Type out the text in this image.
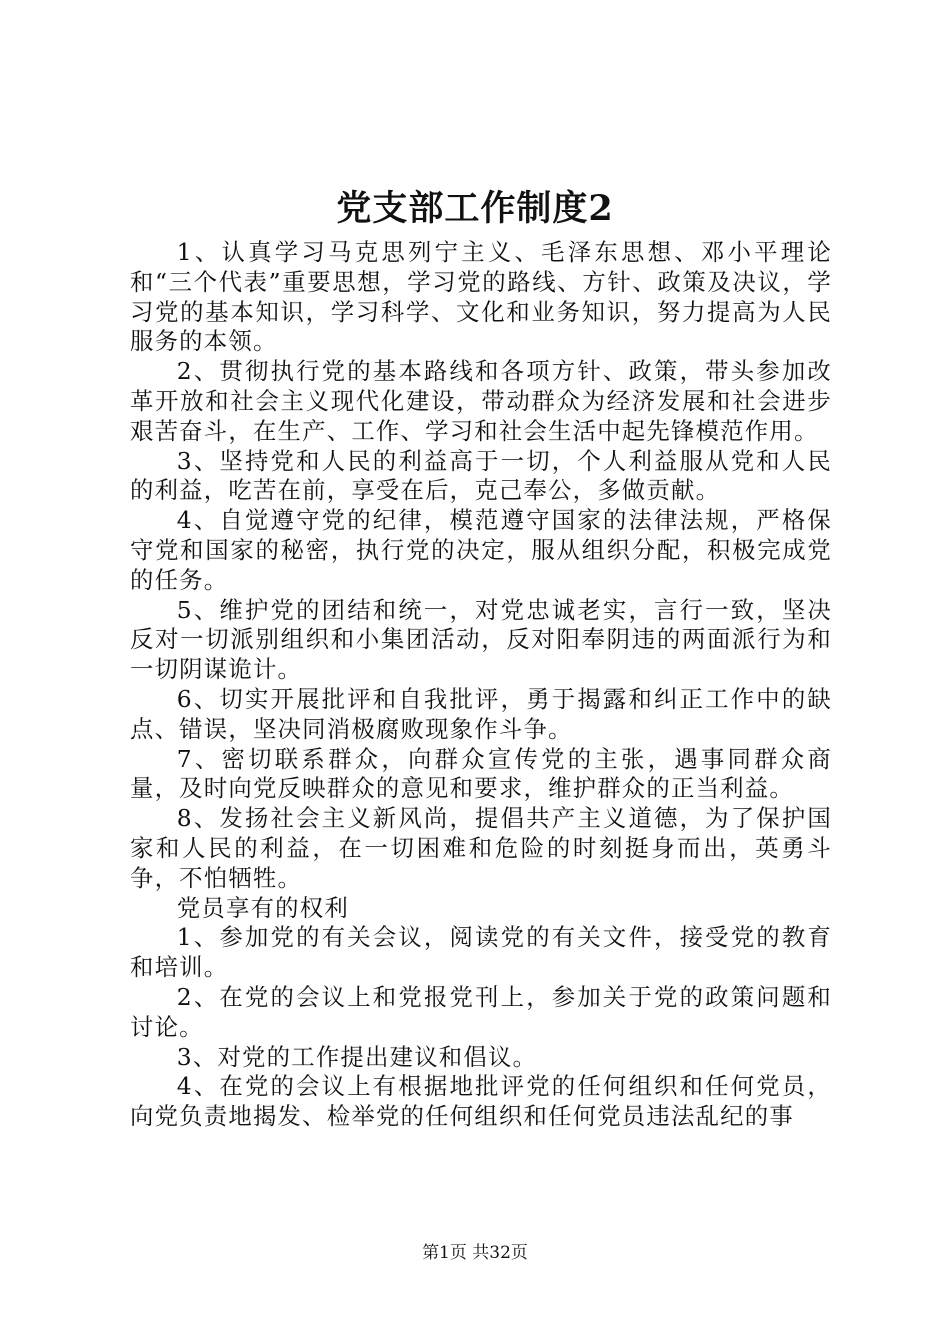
党支部工作制度2

1、认真学习马克思列宁主义、毛泽东思想、邓小平理论和“三个代表”重要思想，学习党的路线、方针、政策及决议，学习党的基本知识，学习科学、文化和业务知识，努力提高为人民服务的本领。

2、贯彻执行党的基本路线和各项方针、政策，带头参加改革开放和社会主义现代化建设，带动群众为经济发展和社会进步艰苦奋斗，在生产、工作、学习和社会生活中起先锋模范作用。

3、坚持党和人民的利益高于一切，个人利益服从党和人民的利益，吃苦在前，享受在后，克己奉公，多做贡献。

4、自觉遵守党的纪律，模范遵守国家的法律法规，严格保守党和国家的秘密，执行党的决定，服从组织分配，积极完成党的任务。

5、维护党的团结和统一，对党忠诚老实，言行一致，坚决反对一切派别组织和小集团活动，反对阳奉阴违的两面派行为和一切阴谋诡计。

6、切实开展批评和自我批评，勇于揭露和纠正工作中的缺点、错误，坚决同消极腐败现象作斗争。

7、密切联系群众，向群众宣传党的主张，遇事同群众商量，及时向党反映群众的意见和要求，维护群众的正当利益。

8、发扬社会主义新风尚，提倡共产主义道德，为了保护国家和人民的利益，在一切困难和危险的时刻挺身而出，英勇斗争，不怕牺牲。

党员享有的权利

1、参加党的有关会议，阅读党的有关文件，接受党的教育和培训。

2、在党的会议上和党报党刊上，参加关于党的政策问题和讨论。

3、对党的工作提出建议和倡议。

4、在党的会议上有根据地批评党的任何组织和任何党员，向党负责地揭发、检举党的任何组织和任何党员违法乱纪的事

第1页 共32页
